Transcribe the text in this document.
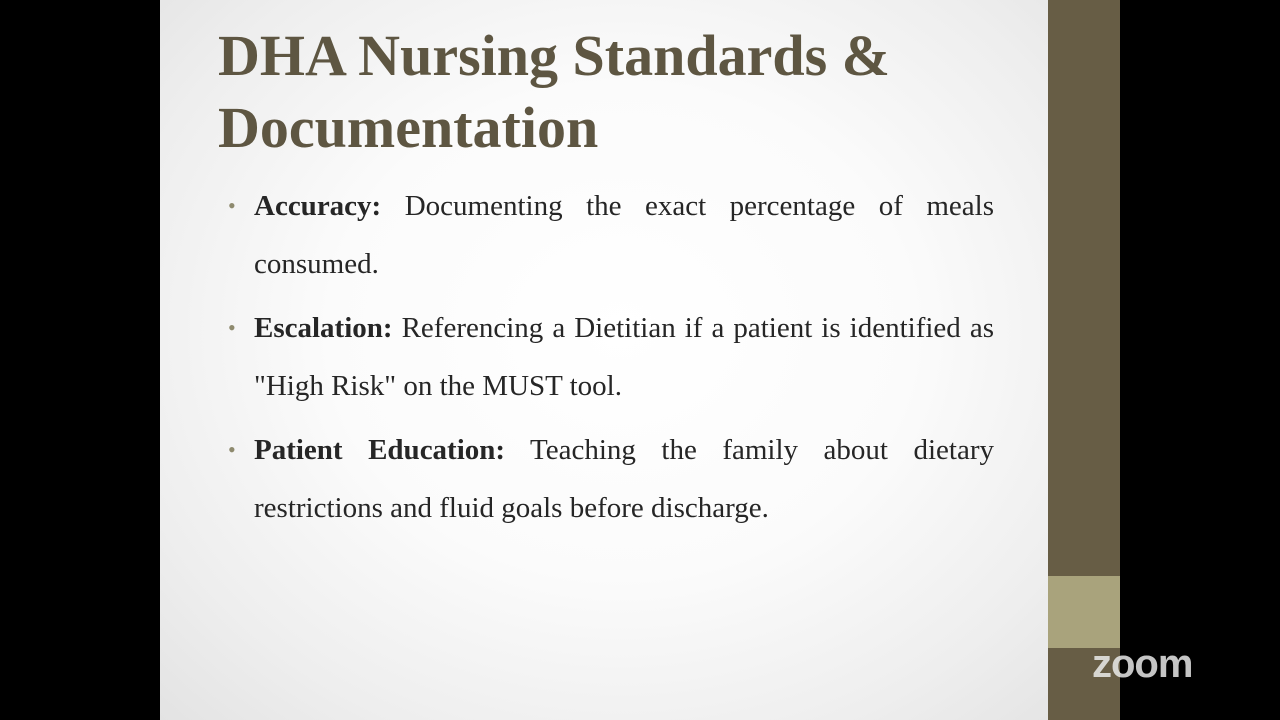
DHA Nursing Standards & Documentation
• Accuracy: Documenting the exact percentage of meals consumed.
• Escalation: Referencing a Dietitian if a patient is identified as "High Risk" on the MUST tool.
• Patient Education: Teaching the family about dietary restrictions and fluid goals before discharge.
zoom
